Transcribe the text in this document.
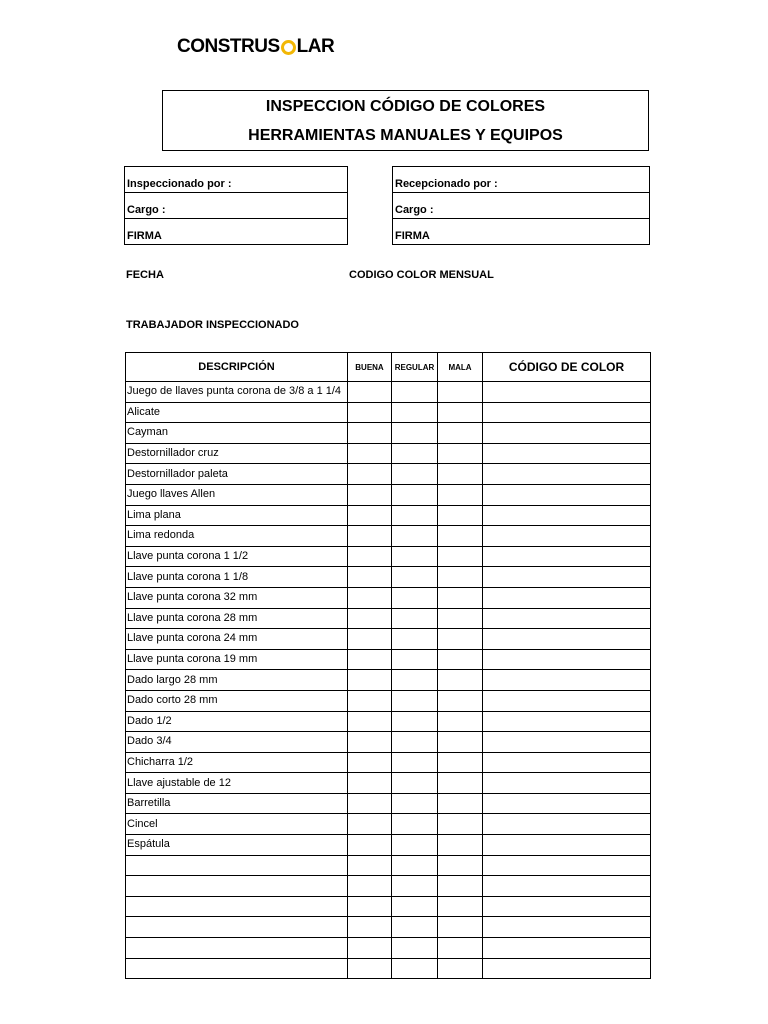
CONSTRUS LAR
INSPECCION CÓDIGO DE COLORES
HERRAMIENTAS MANUALES Y EQUIPOS
Inspeccionado por :
Cargo :
FIRMA
Recepcionado por :
Cargo :
FIRMA
FECHA	CODIGO COLOR MENSUAL
TRABAJADOR INSPECCIONADO
DESCRIPCIÓN	BUENA	REGULAR	MALA	CÓDIGO DE COLOR
Juego de llaves punta corona de 3/8 a 1 1/4				
Alicate				
Cayman				
Destornillador cruz				
Destornillador paleta				
Juego llaves Allen				
Lima plana				
Lima redonda				
Llave punta corona 1 1/2				
Llave punta corona 1 1/8				
Llave punta corona 32 mm				
Llave punta corona 28 mm				
Llave punta corona 24 mm				
Llave punta corona 19 mm				
Dado largo 28 mm				
Dado corto 28 mm				
Dado 1/2				
Dado 3/4				
Chicharra 1/2				
Llave ajustable de 12				
Barretilla				
Cincel				
Espátula				
